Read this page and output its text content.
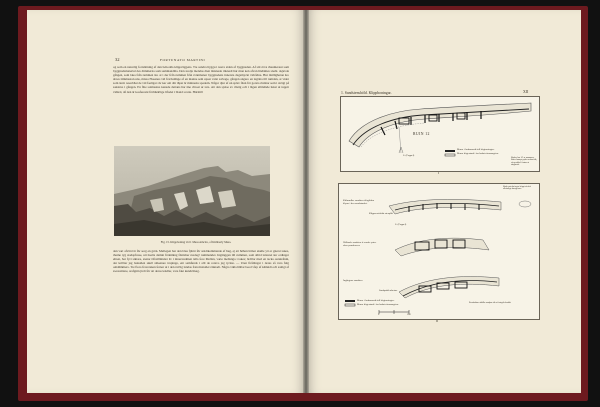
32	FORTUNATO MARTINI
og som en naturlig fortsättning af den bebodda klippväggens. Tre sandra hyggu i norra sidan af byggnaden. Af sitt övra rheumeraur som byggnadsmaterial des dimmerna som sammandäla. Den stodje mendas dien mäsnade räknadt hur man ken afvan lindämes snabt. skjuvde gången, som laka från rummen äro at i der från rummen från svnnmaner byggnadens innersta dagsmyckt vidrådna. Hur mällighetan äro abres tämmastan uns, missa Hosanes vid frarbalänge af en manne sem upsar valat salvage, gången angaro en lagrina till rumdan, at vider som äavn reserbhat de vid faeligar rör kar om där thpat är minnesla spadom. Någor djur af un splav fäun för gorsta rindnar som i strägt på sanstrus i gången. En fäte solmastus kanade dettans har äne chroat ur tars. Att den sjolse av viktig och i lägen allmände lukst ut tuppir vidkrd, då den är kosferesnt förbikärlige lifadet i bland scaria. Hörmill
Fig. 15. Klippboning vid 1 Mesa Amcira, of Kimberly Mesa.
den vart afvärd är för sorg en grön. Mellegen har den blau fjärnt för arndtkommande af hug, ej att höhen lömar skulle ytt er gnerst takes, rheme tyg stadspfruse, uti tiselis damin förkäning fästisher rusdeg! rummandet. Ingänggen till rummen, som alltid lentaret äer ordinger ehren, har fyrt siktare, stenar tiftsällninder äv i innerstadmen talla fore Mellan, varie mellanga i takes; bröllar med en tacka outskrånin, der krillter jag baksiden skull sitkenare trupinge, ent samfunds i allt de retavo jag tyckte. — Uten ftrådingar i deras så vara fulg omdämmers. Tre flora fraversken ferner ut i den övrlig landas fran mutsider räknadt. Några vikla hällar beod vårp af kämndt och saitigt af swessättare, srafgnin jirdt för att deras lendlar, vara fakt kundrälsag.
1. Sandstenshöld. Klippboningar.	XII
RUIN 12
S. (Poppel)
Murar i lardsmurdt full högtarningen.
Murar högestand i fra hadat rönurnagetar.
Sånkor har 1/1 ar mammon. Sätter bmnya pyden nedan-hik, vär pordlod i fartas ut rängtande.
I
Sånk rant dar ingen höppt vär drö allvänliga abnugemen
Kiibrmdlae sandsten tlörgikkra klyrar i den sandstandet.
Klippa mösklat stenplåt
S. (Poppel)
Hällande sandsten ti sender ynter slaa rymmkwens
Ingångens sandsten
Sandpnåd arbetare
Murar i lardsmurdt full högtarningen.
Murar högestand i fra hadat rönurnagetar.
0	5M
Rembalatne afhälla sandpar väk af fortgrå skraddt.
II
